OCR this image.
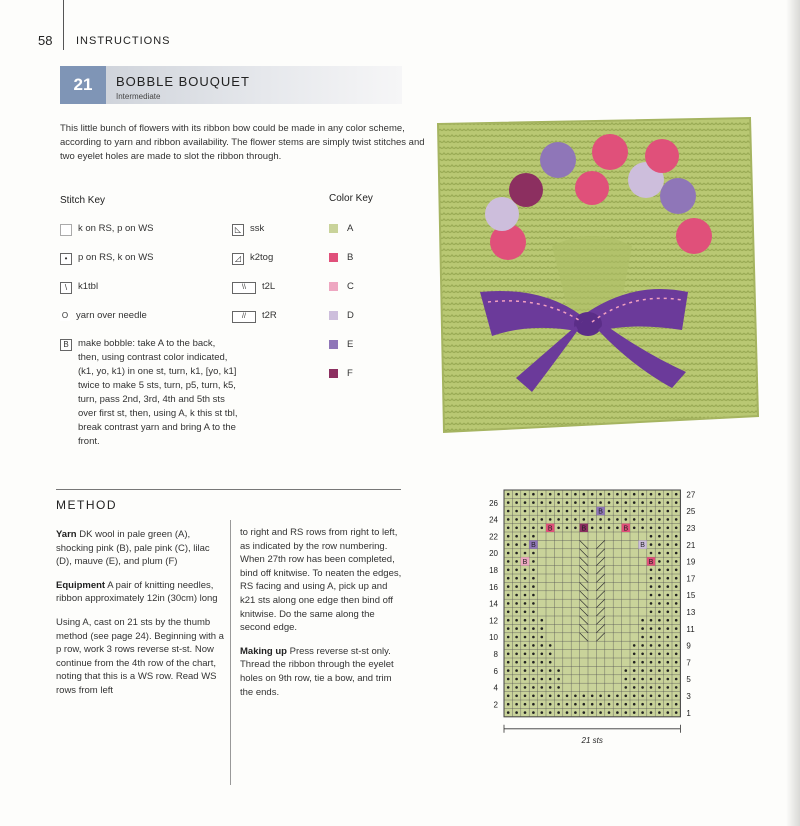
58 INSTRUCTIONS
21	BOBBLE BOUQUET
Intermediate
This little bunch of flowers with its ribbon bow could be made in any color scheme, according to yarn and ribbon availability. The flower stems are simply twist stitches and two eyelet holes are made to slot the ribbon through.
Stitch Key
k on RS, p on WS
•	p on RS, k on WS
\	k1tbl
O yarn over needle
B make bobble: take A to the back, then, using contrast color indicated, (k1, yo, k1) in one st, turn, k1, [yo, k1] twice to make 5 sts, turn, p5, turn, k5, turn, pass 2nd, 3rd, 4th and 5th sts over first st, then, using A, k this st tbl, break contrast yarn and bring A to the front.
◺ ssk
◿ k2tog
\\	t2L
//	t2R
Color Key
A
B
C
D
E
F
METHOD

Yarn DK wool in pale green (A), shocking pink (B), pale pink (C), lilac (D), mauve (E), and plum (F)

Equipment A pair of knitting needles, ribbon approximately 12in (30cm) long

Using A, cast on 21 sts by the thumb method (see page 24). Beginning with a p row, work 3 rows reverse st-st. Now continue from the 4th row of the chart, noting that this is a WS row. Read WS rows from left

to right and RS rows from right to left, as indicated by the row numbering. When 27th row has been completed, bind off knitwise. To neaten the edges, RS facing and using A, pick up and k21 sts along one edge then bind off knitwise. Do the same along the second edge.

Making up Press reverse st-st only. Thread the ribbon through the eyelet holes on 9th row, tie a bow, and trim the ends.

B
B
B
B
B
B
B
B
26
24
22
20
18
16
14
12
10
8
6
4
2
27
25
23
21
19
17
15
13
11
9
7
5
3
1
21 sts
